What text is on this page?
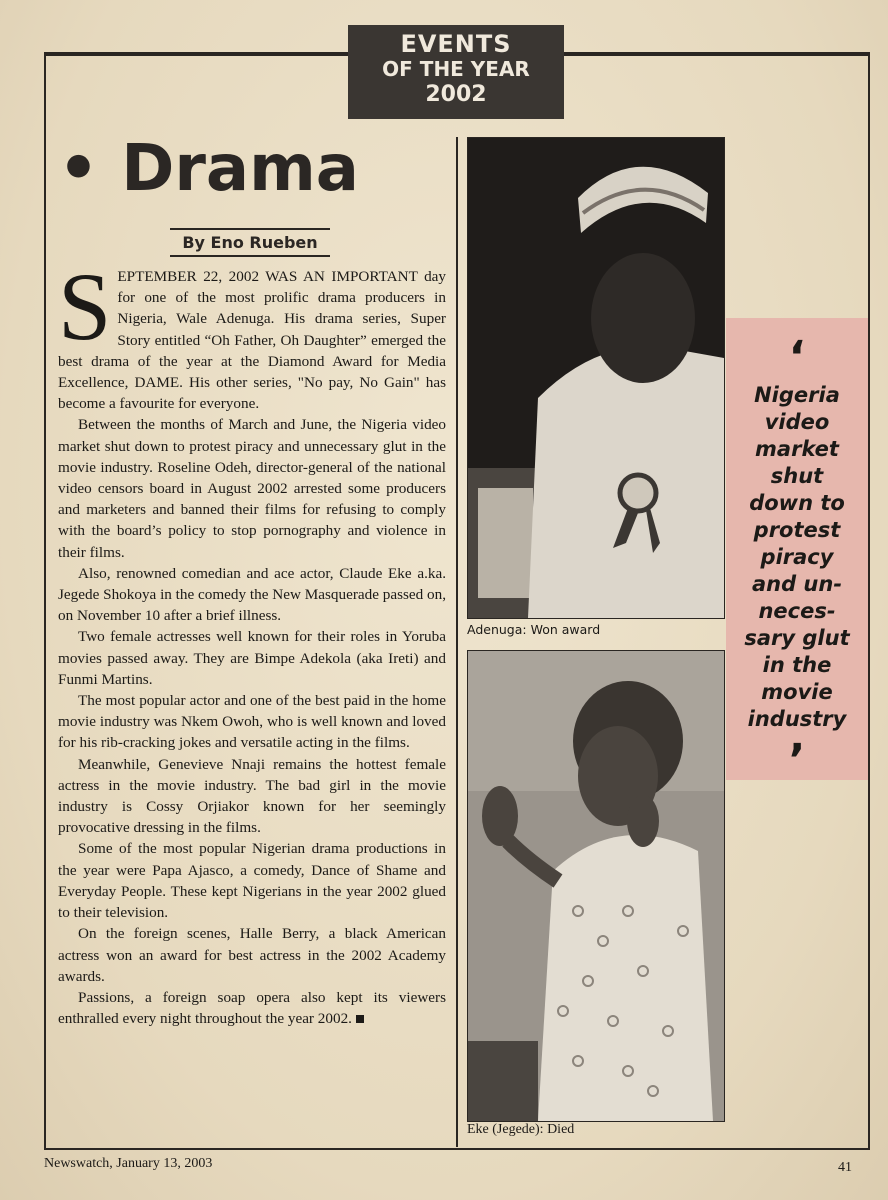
EVENTS
OF THE YEAR
2002
• Drama
By Eno Rueben

SEPTEMBER 22, 2002 WAS AN IMPORTANT day for one of the most prolific drama producers in Nigeria, Wale Adenuga. His drama series, Super Story entitled “Oh Father, Oh Daughter” emerged the best drama of the year at the Diamond Award for Media Excellence, DAME. His other series, "No pay, No Gain" has become a favourite for everyone.

Between the months of March and June, the Nigeria video market shut down to protest piracy and unnecessary glut in the movie industry. Roseline Odeh, director-general of the national video censors board in August 2002 arrested some producers and marketers and banned their films for refusing to comply with the board’s policy to stop pornography and violence in their films.

Also, renowned comedian and ace actor, Claude Eke a.ka. Jegede Shokoya in the comedy the New Masquerade passed on, on November 10 after a brief illness.

Two female actresses well known for their roles in Yoruba movies passed away. They are Bimpe Adekola (aka Ireti) and Funmi Martins.

The most popular actor and one of the best paid in the home movie industry was Nkem Owoh, who is well known and loved for his rib-cracking jokes and versatile acting in the films.

Meanwhile, Genevieve Nnaji remains the hottest female actress in the movie industry. The bad girl in the movie industry is Cossy Orjiakor known for her seemingly provocative dressing in the films.

Some of the most popular Nigerian drama productions in the year were Papa Ajasco, a comedy, Dance of Shame and Everyday People. These kept Nigerians in the year 2002 glued to their television.

On the foreign scenes, Halle Berry, a black American actress won an award for best actress in the 2002 Academy awards.

Passions, a foreign soap opera also kept its viewers enthralled every night throughout the year 2002.

Adenuga: Won award
Eke (Jegede): Died
‘
Nigeria
video
market
shut
down to
protest
piracy
and un-
neces-
sary glut
in the
movie
industry
’
Newswatch, January 13, 2003	41
